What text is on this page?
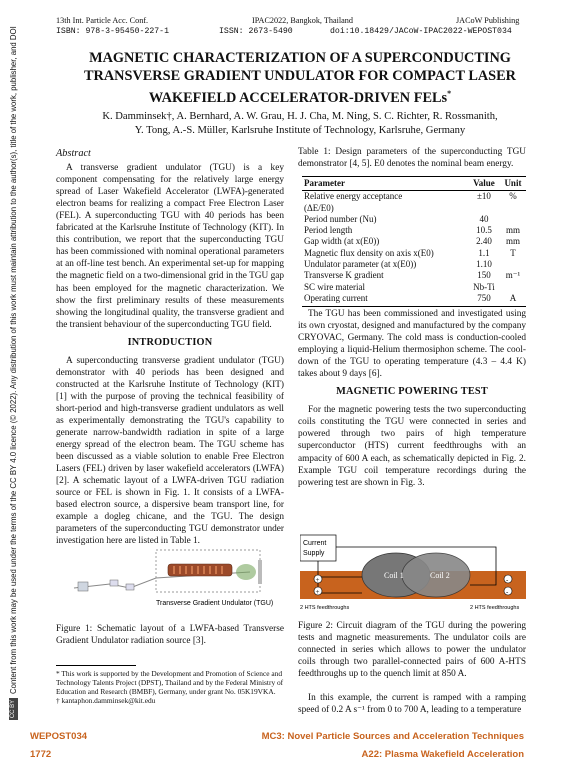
13th Int. Particle Acc. Conf.	IPAC2022, Bangkok, Thailand	JACoW Publishing
ISBN: 978-3-95450-227-1	ISSN: 2673-5490	doi:10.18429/JACoW-IPAC2022-WEPOST034
CC BYContent from this work may be used under the terms of the CC BY 4.0 licence (© 2022). Any distribution of this work must maintain attribution to the author(s), title of the work, publisher, and DOI	MAGNETIC CHARACTERIZATION OF A SUPERCONDUCTING
TRANSVERSE GRADIENT UNDULATOR FOR COMPACT LASER
WAKEFIELD ACCELERATOR-DRIVEN FELs*
K. Damminsek†, A. Bernhard, A. W. Grau, H. J. Cha, M. Ning, S. C. Richter, R. Rossmanith,
Y. Tong, A.-S. Müller, Karlsruhe Institute of Technology, Karlsruhe, Germany
Abstract

A transverse gradient undulator (TGU) is a key component compensating for the relatively large energy spread of Laser Wakefield Accelerator (LWFA)-generated electron beams for realizing a compact Free Electron Laser (FEL). A superconducting TGU with 40 periods has been fabricated at the Karlsruhe Institute of Technology (KIT). In this contribution, we report that the superconducting TGU has been commissioned with nominal operational parameters at an off-line test bench. An experimental set-up for mapping the magnetic field on a two-dimensional grid in the TGU gap has been employed for the magnetic characterization. We show the first preliminary results of these measurements showing the longitudinal quality, the transverse gradient and the transient behaviour of the superconducting TGU field.

INTRODUCTION

A superconducting transverse gradient undulator (TGU) demonstrator with 40 periods has been designed and constructed at the Karlsruhe Institute of Technology (KIT) [1] with the purpose of proving the technical feasibility of short-period and high-transverse gradient undulators as well as experimentally demonstrating the TGU's capability to generate narrow-bandwidth radiation in spite of a large energy spread of the electron beam. The TGU scheme has been discussed as a viable solution to enable Free Electron Lasers (FEL) driven by laser wakefield accelerators (LWFA) [2]. A schematic layout of a LWFA-driven TGU radiation source or FEL is shown in Fig. 1. It consists of a LWFA-based electron source, a dispersive beam transport line, for example a dogleg chicane, and the TGU. The design parameters of the superconducting TGU demonstrator under investigation here are listed in Table 1.

Transverse Gradient Undulator (TGU)
Figure 1: Schematic layout of a LWFA-based Transverse Gradient Undulator radiation source [3].
* This work is supported by the Development and Promotion of Science and Technology Talents Project (DPST), Thailand and by the Federal Ministry of Education and Research (BMBF), Germany, under grant No. 05K19VKA.
† kantaphon.damminsek@kit.edu
Table 1: Design parameters of the superconducting TGU demonstrator [4, 5]. E0 denotes the nominal beam energy.
Parameter	Value	Unit
Relative energy acceptance	±10	%
(ΔE/E0)		
Period number (Nu)	40	
Period length	10.5	mm
Gap width (at x(E0))	2.40	mm
Magnetic flux density on axis x(E0)	1.1	T
Undulator parameter (at x(E0))	1.10	
Transverse K gradient	150	m⁻¹
SC wire material	Nb-Ti	
Operating current	750	A

The TGU has been commissioned and investigated using its own cryostat, designed and manufactured by the company CRYOVAC, Germany. The cold mass is conduction-cooled employing a liquid-Helium thermosiphon scheme. The cool-down of the TGU to operating temperature (4.3 – 4.4 K) takes about 9 days [6].

MAGNETIC POWERING TEST

For the magnetic powering tests the two superconducting coils constituting the TGU were connected in series and powered through two pairs of high temperature superconductor (HTS) current feedthroughs with an ampacity of 600 A each, as schematically depicted in Fig. 2. Example TGU coil temperature recordings during the powering test are shown in Fig. 3.

Current
Supply
Coil 1	Coil 2
+
+
-
-
2 HTS feedthroughs	2 HTS feedthroughs
Figure 2: Circuit diagram of the TGU during the powering tests and magnetic measurements. The undulator coils are connected in series which allows to power the undulator coils through two parallel-connected pairs of 600 A-HTS feedthroughs up to the quench limit at 850 A.

In this example, the current is ramped with a ramping speed of 0.2 A s⁻¹ from 0 to 700 A, leading to a temperature

WEPOST034
1772
MC3: Novel Particle Sources and Acceleration Techniques
A22: Plasma Wakefield Acceleration
